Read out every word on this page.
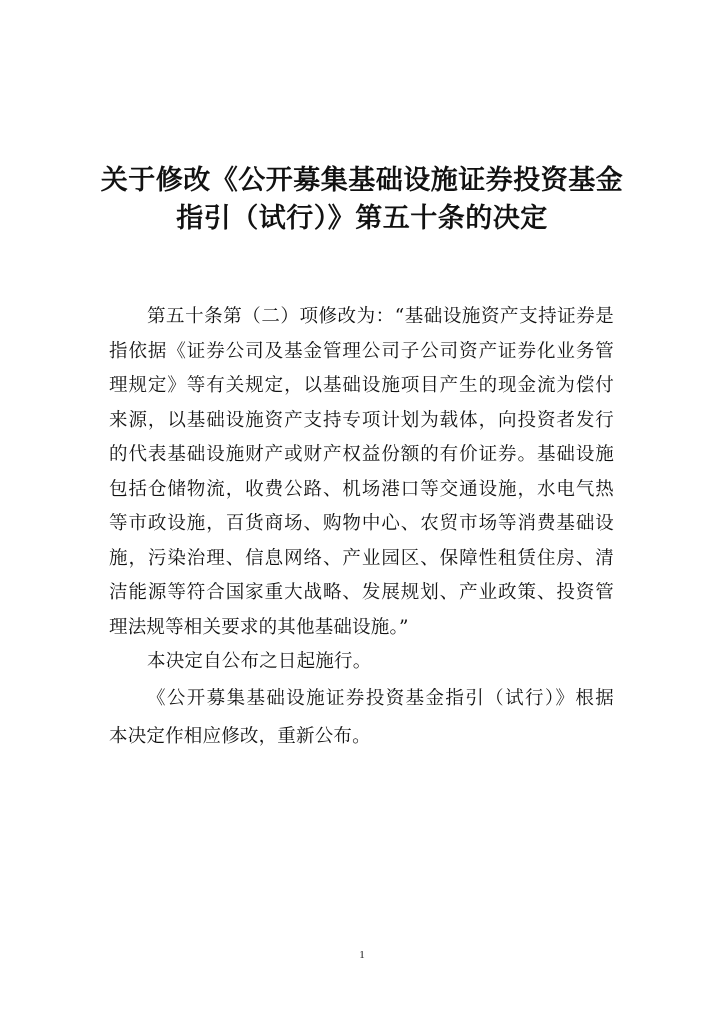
关于修改《公开募集基础设施证券投资基金
指引（试行）》第五十条的决定
第五十条第（二）项修改为：“基础设施资产支持证券是
指依据《证券公司及基金管理公司子公司资产证券化业务管
理规定》等有关规定，以基础设施项目产生的现金流为偿付
来源，以基础设施资产支持专项计划为载体，向投资者发行
的代表基础设施财产或财产权益份额的有价证券。基础设施
包括仓储物流，收费公路、机场港口等交通设施，水电气热
等市政设施，百货商场、购物中心、农贸市场等消费基础设
施，污染治理、信息网络、产业园区、保障性租赁住房、清
洁能源等符合国家重大战略、发展规划、产业政策、投资管
理法规等相关要求的其他基础设施。”
本决定自公布之日起施行。
《公开募集基础设施证券投资基金指引（试行）》根据
本决定作相应修改，重新公布。
1
